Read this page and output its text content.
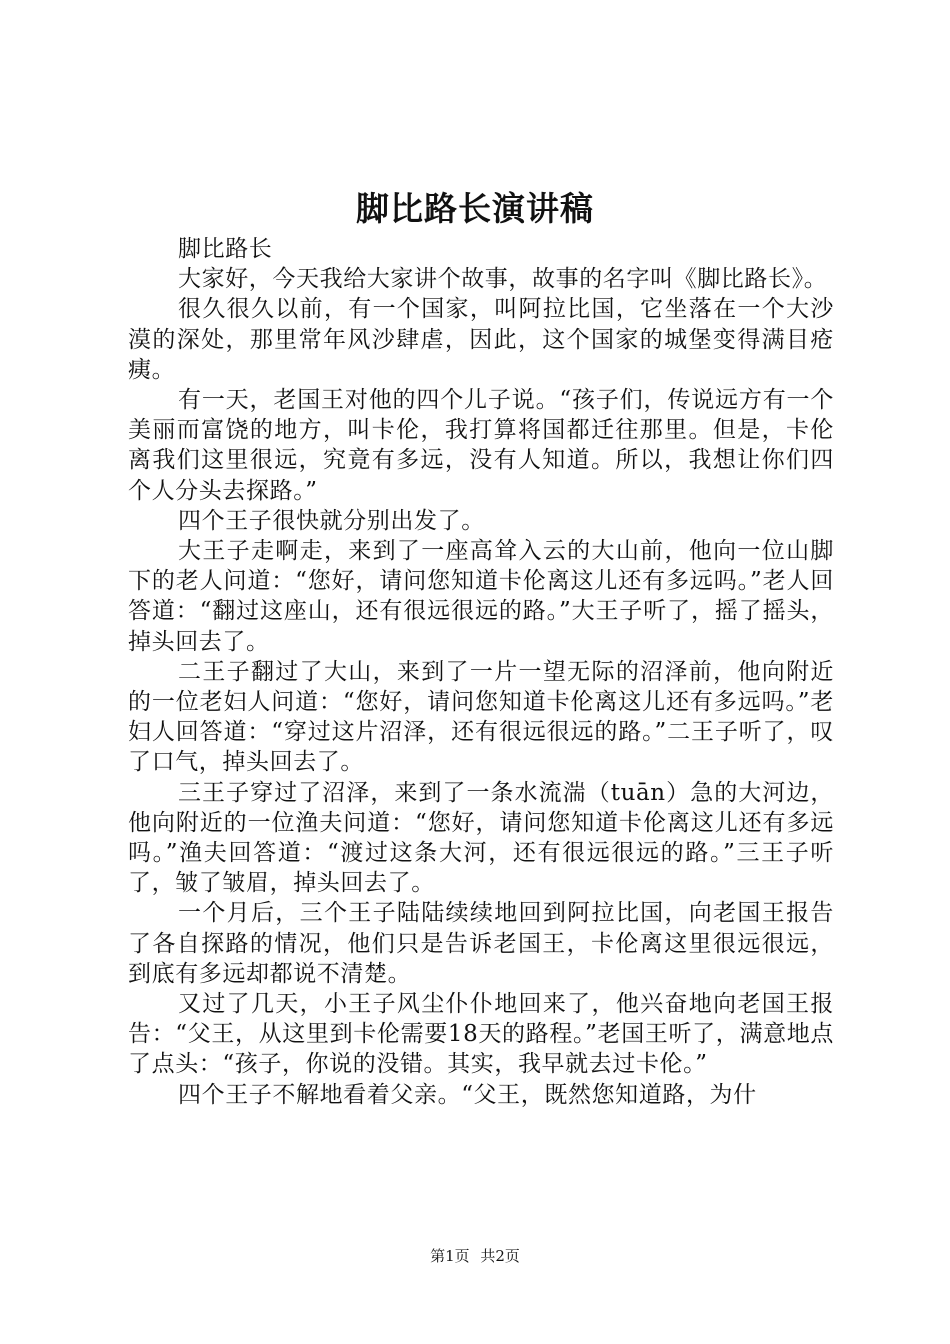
脚比路长演讲稿

脚比路长

大家好，今天我给大家讲个故事，故事的名字叫《脚比路长》。

很久很久以前，有一个国家，叫阿拉比国，它坐落在一个大沙漠的深处，那里常年风沙肆虐，因此，这个国家的城堡变得满目疮痍。

有一天，老国王对他的四个儿子说。“孩子们，传说远方有一个美丽而富饶的地方，叫卡伦，我打算将国都迁往那里。但是，卡伦离我们这里很远，究竟有多远，没有人知道。所以，我想让你们四个人分头去探路。”

四个王子很快就分别出发了。

大王子走啊走，来到了一座高耸入云的大山前，他向一位山脚下的老人问道：“您好，请问您知道卡伦离这儿还有多远吗。”老人回答道：“翻过这座山，还有很远很远的路。”大王子听了，摇了摇头，掉头回去了。

二王子翻过了大山，来到了一片一望无际的沼泽前，他向附近的一位老妇人问道：“您好，请问您知道卡伦离这儿还有多远吗。”老妇人回答道：“穿过这片沼泽，还有很远很远的路。”二王子听了，叹了口气，掉头回去了。

三王子穿过了沼泽，来到了一条水流湍（tuān）急的大河边，他向附近的一位渔夫问道：“您好，请问您知道卡伦离这儿还有多远吗。”渔夫回答道：“渡过这条大河，还有很远很远的路。”三王子听了，皱了皱眉，掉头回去了。

一个月后，三个王子陆陆续续地回到阿拉比国，向老国王报告了各自探路的情况，他们只是告诉老国王，卡伦离这里很远很远，到底有多远却都说不清楚。

又过了几天，小王子风尘仆仆地回来了，他兴奋地向老国王报告：“父王，从这里到卡伦需要18天的路程。”老国王听了，满意地点了点头：“孩子，你说的没错。其实，我早就去过卡伦。”

四个王子不解地看着父亲。“父王，既然您知道路，为什

第1页 共2页
